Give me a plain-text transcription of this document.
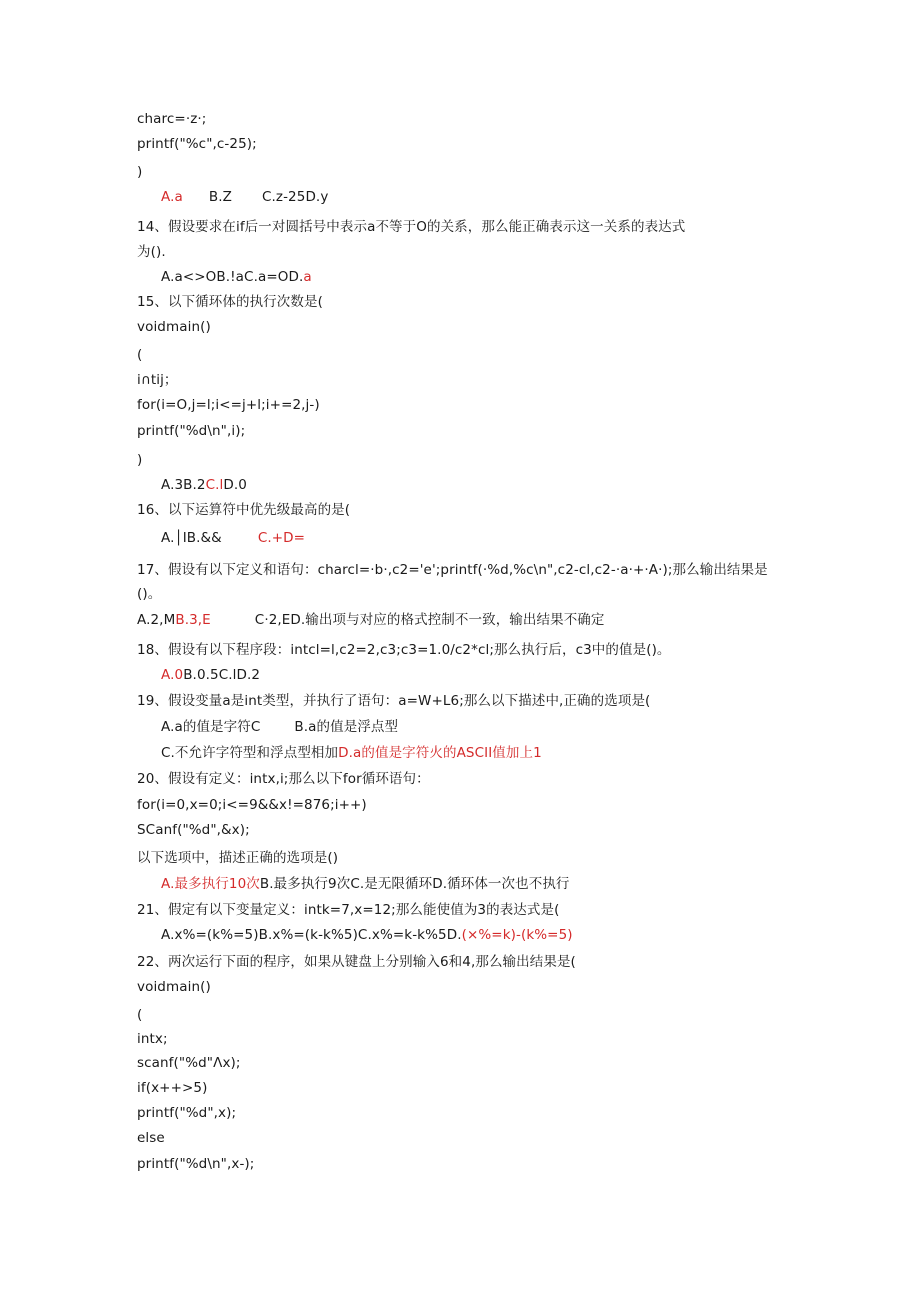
charc=·z·;
printf("%c",c-25);
)
A.a B.Z C.z-25D.y
14、假设要求在if后一对圆括号中表示a不等于O的关系，那么能正确表示这一关系的表达式
为().
A.a<>OB.!aC.a=OD.a
15、以下循环体的执行次数是(
voidmain()
(
i∩tij；
for(i=O,j=l;i<=j+l;i+=2,j-)
printf("%d\n",i);
)
A.3B.2C.lD.0
16、以下运算符中优先级最高的是(
A.│IB.&&	C.+D=
17、假设有以下定义和语句：charcl=·b·,c2='e';printf(·%d,%c\n",c2-cl,c2-·a·+·A·);那么输出结果是
()。
A.2,MB.3,E	C·2,ED.输出项与对应的格式控制不一致，输出结果不确定
18、假设有以下程序段：intcl=l,c2=2,c3;c3=1.0/c2*cl;那么执行后，c3中的值是()。
A.0B.0.5C.lD.2
19、假设变量a是int类型，并执行了语句：a=W+L6;那么以下描述中,正确的选项是(
A.a的值是字符C	B.a的值是浮点型
C.不允许字符型和浮点型相加D.a的值是字符火的ASCII值加上1
20、假设有定义：intx,i;那么以下for循环语句：
for(i=0,x=0;i<=9&&x!=876;i++)
SCanf("%d",&x);
以下选项中，描述正确的选项是()
A.最多执行10次B.最多执行9次C.是无限循环D.循环体一次也不执行
21、假定有以下变量定义：intk=7,x=12;那么能使值为3的表达式是(
A.x%=(k%=5)B.x%=(k-k%5)C.x%=k-k%5D.(×%=k)-(k%=5)
22、两次运行下面的程序，如果从键盘上分别输入6和4,那么输出结果是(
voidmain()
(
intx;
scanf("%d"Λx);
if(x++>5)
printf("%d",x);
else
printf("%d\n",x-);
